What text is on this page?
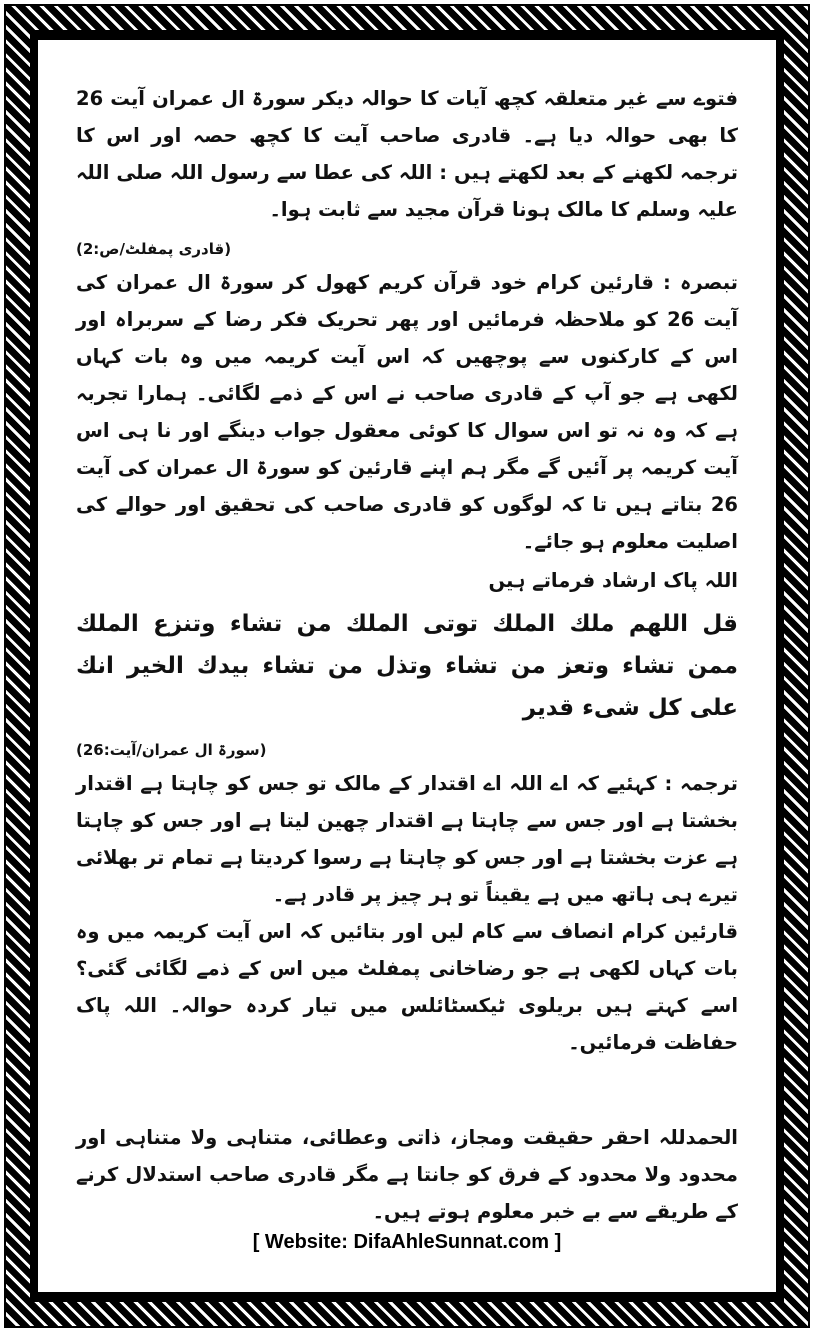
فتوے سے غیر متعلقہ کچھ آیات کا حوالہ دیکر سورۃ ال عمران آیت 26 کا بھی حوالہ دیا ہے۔ قادری صاحب آیت کا کچھ حصہ اور اس کا ترجمہ لکھنے کے بعد لکھتے ہیں : اللہ کی عطا سے رسول اللہ صلی اللہ علیہ وسلم کا مالک ہونا قرآن مجید سے ثابت ہوا۔

(قادری پمفلٹ/ص:2)

تبصرہ : قارئین کرام خود قرآن کریم کھول کر سورۃ ال عمران کی آیت 26 کو ملاحظہ فرمائیں اور پھر تحریک فکر رضا کے سربراہ اور اس کے کارکنوں سے پوچھیں کہ اس آیت کریمہ میں وہ بات کہاں لکھی ہے جو آپ کے قادری صاحب نے اس کے ذمے لگائی۔ ہمارا تجربہ ہے کہ وہ نہ تو اس سوال کا کوئی معقول جواب دینگے اور نا ہی اس آیت کریمہ پر آئیں گے مگر ہم اپنے قارئین کو سورۃ ال عمران کی آیت 26 بتاتے ہیں تا کہ لوگوں کو قادری صاحب کی تحقیق اور حوالے کی اصلیت معلوم ہو جائے۔

اللہ پاک ارشاد فرماتے ہیں

قل اللهم ملك الملك توتى الملك من تشاء وتنزع الملك ممن تشاء وتعز من تشاء وتذل من تشاء بيدك الخير انك على كل شىء قدير

(سورۃ ال عمران/آیت:26)

ترجمہ : کہئیے کہ اے اللہ اے اقتدار کے مالک تو جس کو چاہتا ہے اقتدار بخشتا ہے اور جس سے چاہتا ہے اقتدار چھین لیتا ہے اور جس کو چاہتا ہے عزت بخشتا ہے اور جس کو چاہتا ہے رسوا کردیتا ہے تمام تر بھلائی تیرے ہی ہاتھ میں ہے یقیناً تو ہر چیز پر قادر ہے۔

قارئین کرام انصاف سے کام لیں اور بتائیں کہ اس آیت کریمہ میں وہ بات کہاں لکھی ہے جو رضاخانی پمفلٹ میں اس کے ذمے لگائی گئی؟ اسے کہتے ہیں بریلوی ٹیکسٹائلس میں تیار کردہ حوالہ۔ اللہ پاک حفاظت فرمائیں۔

الحمدللہ احقر حقیقت ومجاز، ذاتی وعطائی، متناہی ولا متناہی اور محدود ولا محدود کے فرق کو جانتا ہے مگر قادری صاحب استدلال کرنے کے طریقے سے بے خبر معلوم ہوتے ہیں۔

[ Website: DifaAhleSunnat.com ]
